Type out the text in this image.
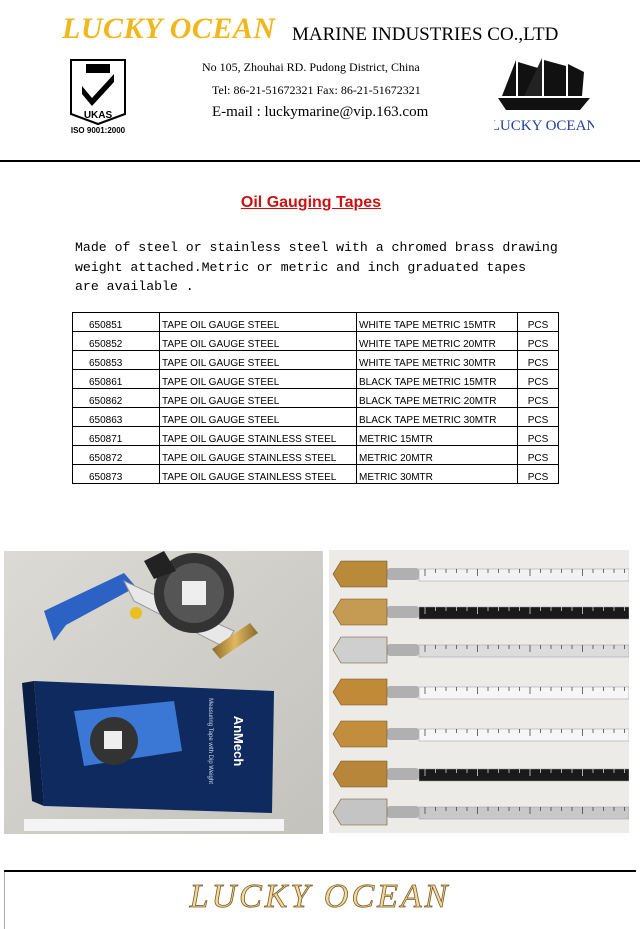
LUCKY OCEAN MARINE INDUSTRIES CO.,LTD
No 105, Zhouhai RD. Pudong District, China
Tel: 86-21-51672321 Fax: 86-21-51672321
E-mail : luckymarine@vip.163.com
UKAS
ISO 9001:2000	LUCKY OCEAN
Oil Gauging Tapes
Made of steel or stainless steel with a chromed brass drawing
weight attached.Metric or metric and inch graduated tapes
are available .
650851	TAPE OIL GAUGE STEEL	WHITE TAPE METRIC 15MTR	PCS
650852	TAPE OIL GAUGE STEEL	WHITE TAPE METRIC 20MTR	PCS
650853	TAPE OIL GAUGE STEEL	WHITE TAPE METRIC 30MTR	PCS
650861	TAPE OIL GAUGE STEEL	BLACK TAPE METRIC 15MTR	PCS
650862	TAPE OIL GAUGE STEEL	BLACK TAPE METRIC 20MTR	PCS
650863	TAPE OIL GAUGE STEEL	BLACK TAPE METRIC 30MTR	PCS
650871	TAPE OIL GAUGE STAINLESS STEEL	METRIC 15MTR	PCS
650872	TAPE OIL GAUGE STAINLESS STEEL	METRIC 20MTR	PCS
650873	TAPE OIL GAUGE STAINLESS STEEL	METRIC 30MTR	PCS
AnMech
Measuring Tape with Dip Weight
LUCKY OCEAN
